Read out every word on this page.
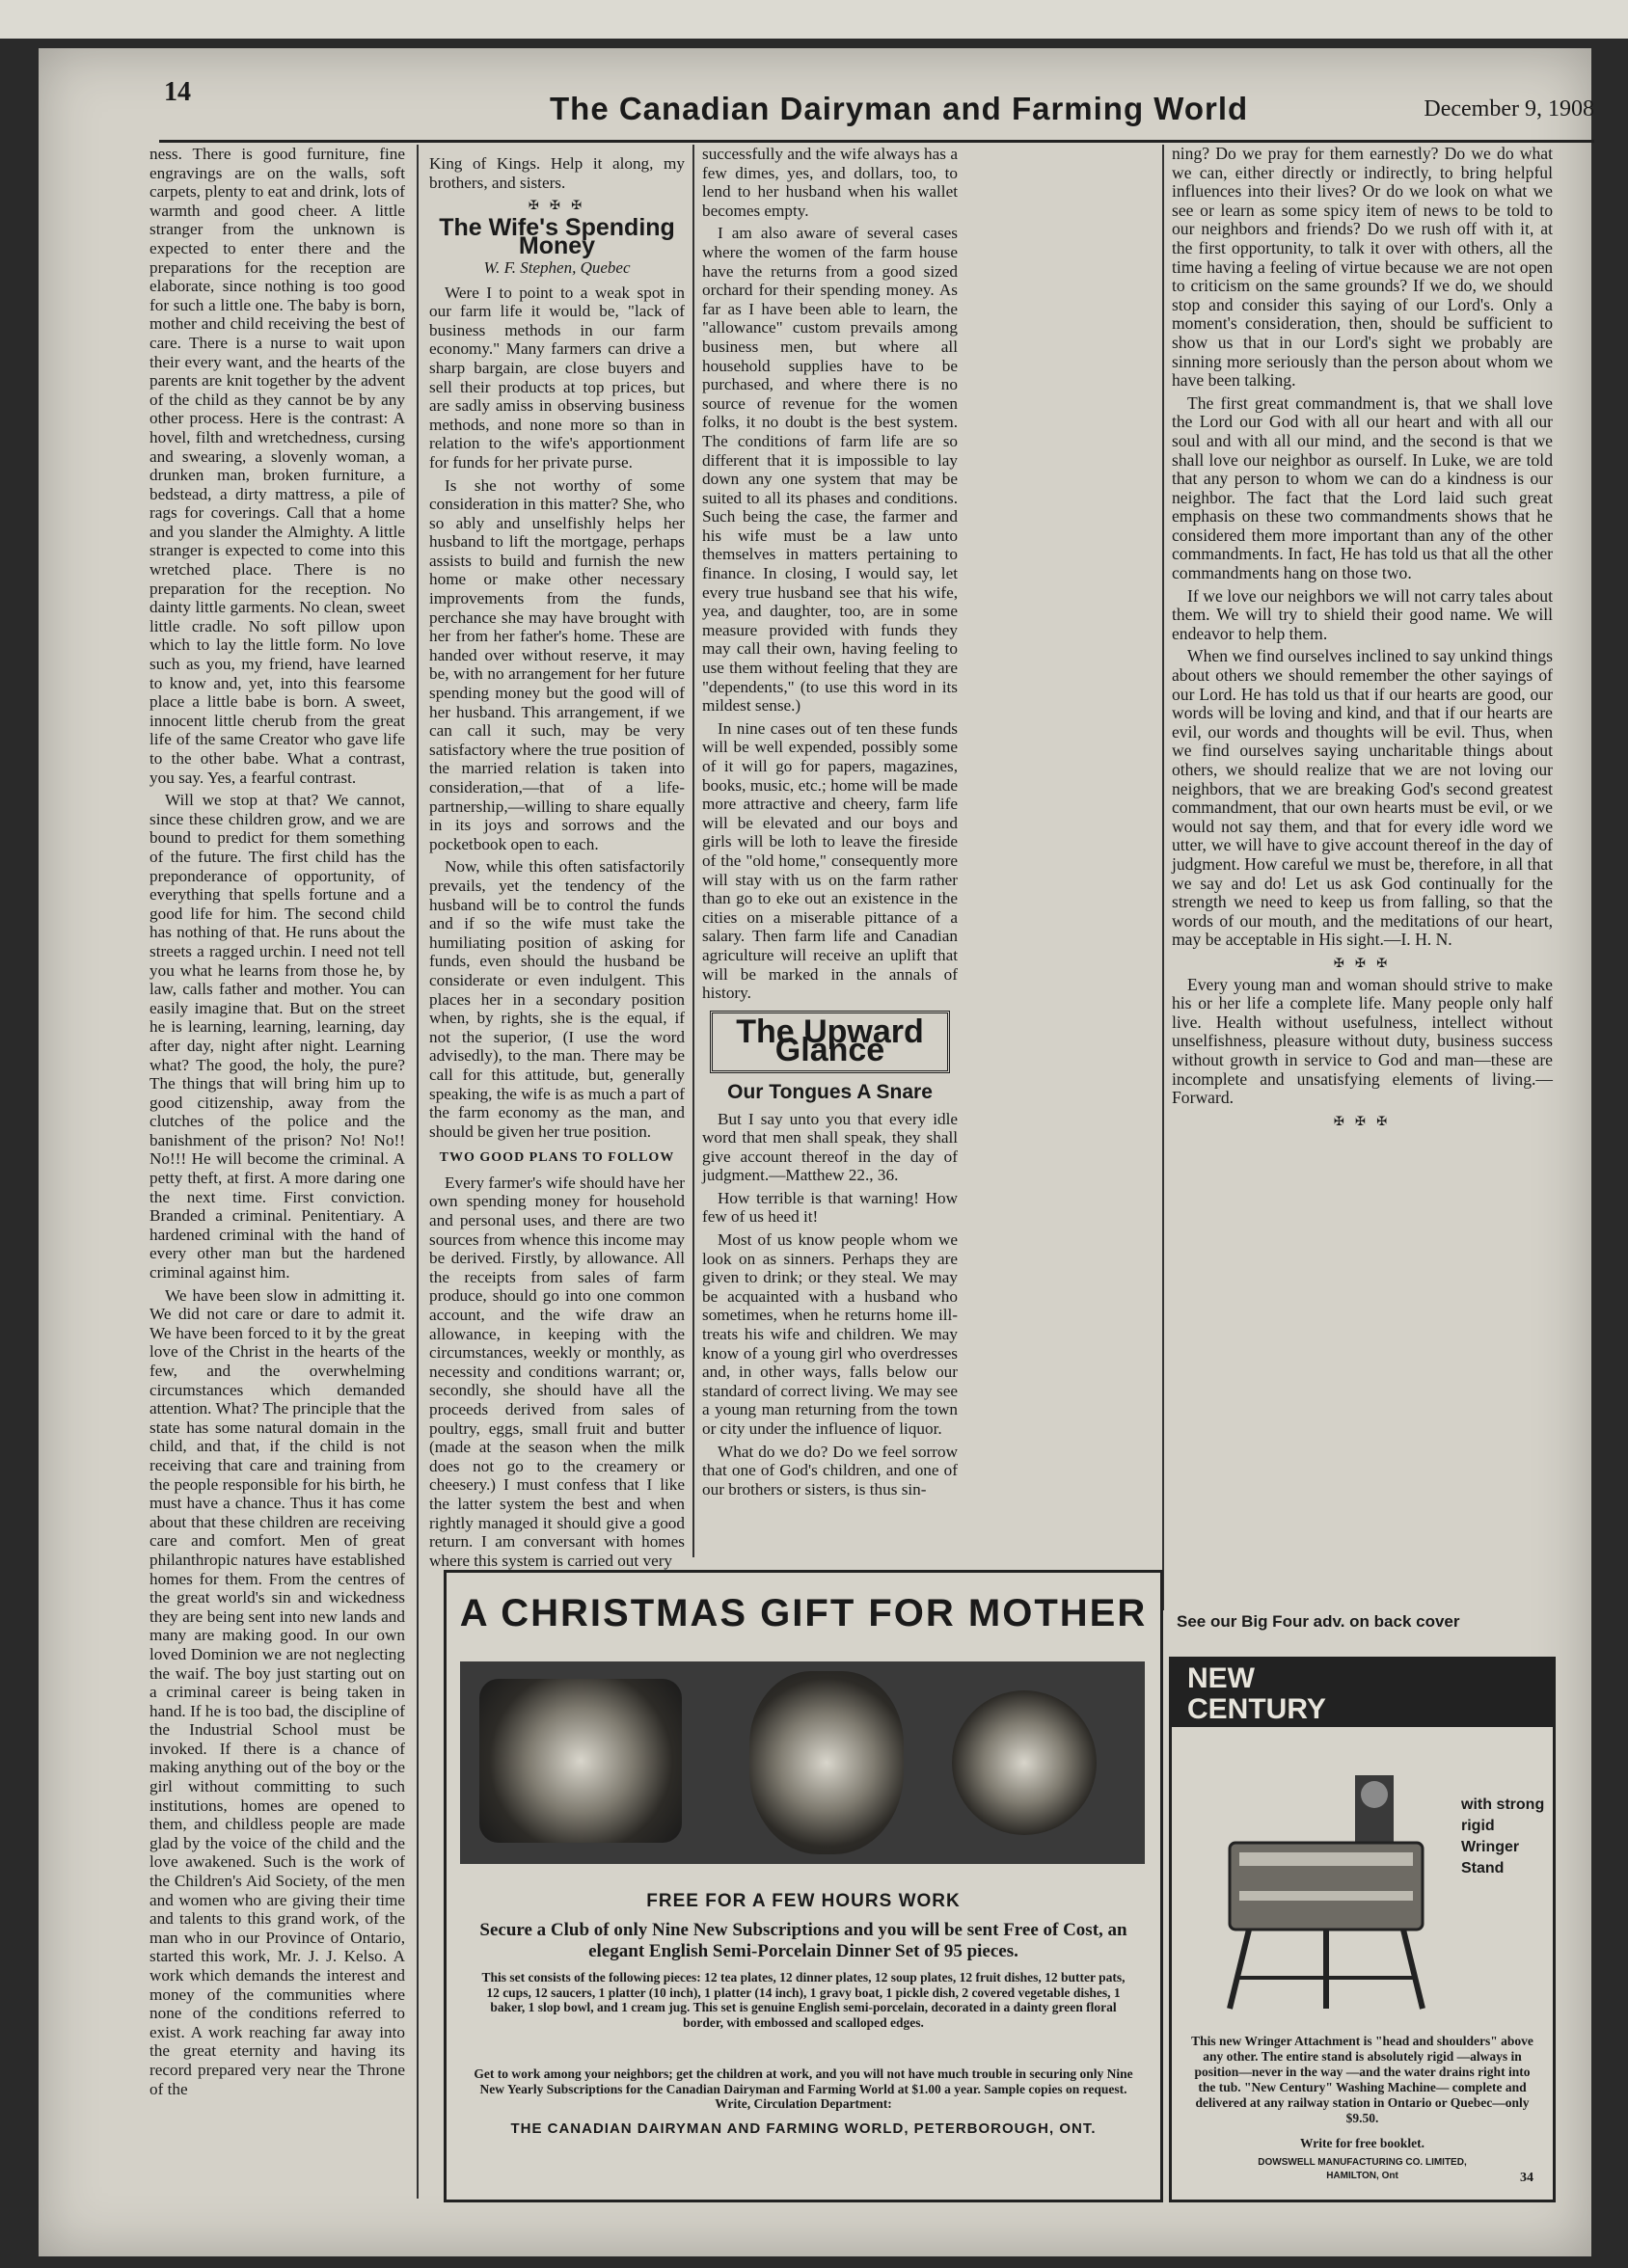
14	The Canadian Dairyman and Farming World	December 9, 1908

ness. There is good furniture, fine engravings are on the walls, soft carpets, plenty to eat and drink, lots of warmth and good cheer. A little stranger from the unknown is expected to enter there and the preparations for the reception are elaborate, since nothing is too good for such a little one. The baby is born, mother and child receiving the best of care. There is a nurse to wait upon their every want, and the hearts of the parents are knit together by the advent of the child as they cannot be by any other process. Here is the contrast: A hovel, filth and wretchedness, cursing and swearing, a slovenly woman, a drunken man, broken furniture, a bedstead, a dirty mattress, a pile of rags for coverings. Call that a home and you slander the Almighty. A little stranger is expected to come into this wretched place. There is no preparation for the reception. No dainty little garments. No clean, sweet little cradle. No soft pillow upon which to lay the little form. No love such as you, my friend, have learned to know and, yet, into this fearsome place a little babe is born. A sweet, innocent little cherub from the great life of the same Creator who gave life to the other babe. What a contrast, you say. Yes, a fearful contrast.

Will we stop at that? We cannot, since these children grow, and we are bound to predict for them something of the future. The first child has the preponderance of opportunity, of everything that spells fortune and a good life for him. The second child has nothing of that. He runs about the streets a ragged urchin. I need not tell you what he learns from those he, by law, calls father and mother. You can easily imagine that. But on the street he is learning, learning, learning, day after day, night after night. Learning what? The good, the holy, the pure? The things that will bring him up to good citizenship, away from the clutches of the police and the banishment of the prison? No! No!! No!!! He will become the criminal. A petty theft, at first. A more daring one the next time. First conviction. Branded a criminal. Penitentiary. A hardened criminal with the hand of every other man but the hardened criminal against him.

We have been slow in admitting it. We did not care or dare to admit it. We have been forced to it by the great love of the Christ in the hearts of the few, and the overwhelming circumstances which demanded attention. What? The principle that the state has some natural domain in the child, and that, if the child is not receiving that care and training from the people responsible for his birth, he must have a chance. Thus it has come about that these children are receiving care and comfort. Men of great philanthropic natures have established homes for them. From the centres of the great world's sin and wickedness they are being sent into new lands and many are making good. In our own loved Dominion we are not neglecting the waif. The boy just starting out on a criminal career is being taken in hand. If he is too bad, the discipline of the Industrial School must be invoked. If there is a chance of making anything out of the boy or the girl without committing to such institutions, homes are opened to them, and childless people are made glad by the voice of the child and the love awakened. Such is the work of the Children's Aid Society, of the men and women who are giving their time and talents to this grand work, of the man who in our Province of Ontario, started this work, Mr. J. J. Kelso. A work which demands the interest and money of the communities where none of the conditions referred to exist. A work reaching far away into the great eternity and having its record prepared very near the Throne of the

King of Kings. Help it along, my brothers, and sisters.

✠ ✠ ✠
The Wife's Spending Money
W. F. Stephen, Quebec

Were I to point to a weak spot in our farm life it would be, "lack of business methods in our farm economy." Many farmers can drive a sharp bargain, are close buyers and sell their products at top prices, but are sadly amiss in observing business methods, and none more so than in relation to the wife's apportionment for funds for her private purse.

Is she not worthy of some consideration in this matter? She, who so ably and unselfishly helps her husband to lift the mortgage, perhaps assists to build and furnish the new home or make other necessary improvements from the funds, perchance she may have brought with her from her father's home. These are handed over without reserve, it may be, with no arrangement for her future spending money but the good will of her husband. This arrangement, if we can call it such, may be very satisfactory where the true position of the married relation is taken into consideration,—that of a life-partnership,—willing to share equally in its joys and sorrows and the pocketbook open to each.

Now, while this often satisfactorily prevails, yet the tendency of the husband will be to control the funds and if so the wife must take the humiliating position of asking for funds, even should the husband be considerate or even indulgent. This places her in a secondary position when, by rights, she is the equal, if not the superior, (I use the word advisedly), to the man. There may be call for this attitude, but, generally speaking, the wife is as much a part of the farm economy as the man, and should be given her true position.

TWO GOOD PLANS TO FOLLOW

Every farmer's wife should have her own spending money for household and personal uses, and there are two sources from whence this income may be derived. Firstly, by allowance. All the receipts from sales of farm produce, should go into one common account, and the wife draw an allowance, in keeping with the circumstances, weekly or monthly, as necessity and conditions warrant; or, secondly, she should have all the proceeds derived from sales of poultry, eggs, small fruit and butter (made at the season when the milk does not go to the creamery or cheesery.) I must confess that I like the latter system the best and when rightly managed it should give a good return. I am conversant with homes where this system is carried out very

successfully and the wife always has a few dimes, yes, and dollars, too, to lend to her husband when his wallet becomes empty.

I am also aware of several cases where the women of the farm house have the returns from a good sized orchard for their spending money. As far as I have been able to learn, the "allowance" custom prevails among business men, but where all household supplies have to be purchased, and where there is no source of revenue for the women folks, it no doubt is the best system. The conditions of farm life are so different that it is impossible to lay down any one system that may be suited to all its phases and conditions. Such being the case, the farmer and his wife must be a law unto themselves in matters pertaining to finance. In closing, I would say, let every true husband see that his wife, yea, and daughter, too, are in some measure provided with funds they may call their own, having feeling to use them without feeling that they are "dependents," (to use this word in its mildest sense.)

In nine cases out of ten these funds will be well expended, possibly some of it will go for papers, magazines, books, music, etc.; home will be made more attractive and cheery, farm life will be elevated and our boys and girls will be loth to leave the fireside of the "old home," consequently more will stay with us on the farm rather than go to eke out an existence in the cities on a miserable pittance of a salary. Then farm life and Canadian agriculture will receive an uplift that will be marked in the annals of history.

The Upward Glance
Our Tongues A Snare

But I say unto you that every idle word that men shall speak, they shall give account thereof in the day of judgment.—Matthew 22., 36.

How terrible is that warning! How few of us heed it!

Most of us know people whom we look on as sinners. Perhaps they are given to drink; or they steal. We may be acquainted with a husband who sometimes, when he returns home ill-treats his wife and children. We may know of a young girl who overdresses and, in other ways, falls below our standard of correct living. We may see a young man returning from the town or city under the influence of liquor.

What do we do? Do we feel sorrow that one of God's children, and one of our brothers or sisters, is thus sin-

ning? Do we pray for them earnestly? Do we do what we can, either directly or indirectly, to bring helpful influences into their lives? Or do we look on what we see or learn as some spicy item of news to be told to our neighbors and friends? Do we rush off with it, at the first opportunity, to talk it over with others, all the time having a feeling of virtue because we are not open to criticism on the same grounds? If we do, we should stop and consider this saying of our Lord's. Only a moment's consideration, then, should be sufficient to show us that in our Lord's sight we probably are sinning more seriously than the person about whom we have been talking.

The first great commandment is, that we shall love the Lord our God with all our heart and with all our soul and with all our mind, and the second is that we shall love our neighbor as ourself. In Luke, we are told that any person to whom we can do a kindness is our neighbor. The fact that the Lord laid such great emphasis on these two commandments shows that he considered them more important than any of the other commandments. In fact, He has told us that all the other commandments hang on those two.

If we love our neighbors we will not carry tales about them. We will try to shield their good name. We will endeavor to help them.

When we find ourselves inclined to say unkind things about others we should remember the other sayings of our Lord. He has told us that if our hearts are good, our words will be loving and kind, and that if our hearts are evil, our words and thoughts will be evil. Thus, when we find ourselves saying uncharitable things about others, we should realize that we are not loving our neighbors, that we are breaking God's second greatest commandment, that our own hearts must be evil, or we would not say them, and that for every idle word we utter, we will have to give account thereof in the day of judgment. How careful we must be, therefore, in all that we say and do! Let us ask God continually for the strength we need to keep us from falling, so that the words of our mouth, and the meditations of our heart, may be acceptable in His sight.—I. H. N.

✠ ✠ ✠

Every young man and woman should strive to make his or her life a complete life. Many people only half live. Health without usefulness, intellect without unselfishness, pleasure without duty, business success without growth in service to God and man—these are incomplete and unsatisfying elements of living.—Forward.

✠ ✠ ✠
See our Big Four adv. on back cover
A CHRISTMAS GIFT FOR MOTHER
FREE FOR A FEW HOURS WORK
Secure a Club of only Nine New Subscriptions and you will be sent Free of Cost, an elegant English Semi-Porcelain Dinner Set of 95 pieces.
This set consists of the following pieces: 12 tea plates, 12 dinner plates, 12 soup plates, 12 fruit dishes, 12 butter pats, 12 cups, 12 saucers, 1 platter (10 inch), 1 platter (14 inch), 1 gravy boat, 1 pickle dish, 2 covered vegetable dishes, 1 baker, 1 slop bowl, and 1 cream jug. This set is genuine English semi-porcelain, decorated in a dainty green floral border, with embossed and scalloped edges.
Get to work among your neighbors; get the children at work, and you will not have much trouble in securing only Nine New Yearly Subscriptions for the Canadian Dairyman and Farming World at $1.00 a year. Sample copies on request. Write, Circulation Department:
THE CANADIAN DAIRYMAN AND FARMING WORLD, PETERBOROUGH, ONT.
NEW
CENTURY
with strong rigid Wringer Stand
This new Wringer Attachment is "head and shoulders" above any other. The entire stand is absolutely rigid —always in position—never in the way —and the water drains right into the tub. "New Century" Washing Machine— complete and delivered at any railway station in Ontario or Quebec—only $9.50.
Write for free booklet.
DOWSWELL MANUFACTURING CO. LIMITED,
HAMILTON, Ont	34
